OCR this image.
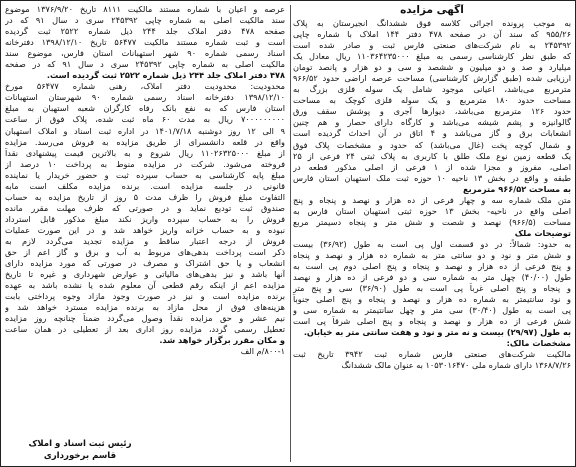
آگهی مزایده
به موجب پرونده اجرائی کلاسه فوق ششدانگ انجیرستان به پلاک
۹۵۵/۲۶ که سند آن در صفحه ۴۷۸ دفتر ۱۴۴ املاک با شماره چاپی
۲۴۵۳۹۲ به نام شرکت‌های صنعتی فارس ثبت و صادر شده است
که طبق نظر کارشناسی رسمی به مبلغ ۱۱۰۳۶۴۲۳۵۰۰۰ ریال معادل یک
میلیارد و صد و دو میلیون و ششصد و سی و دو هزار و پانصد تومان
ارزیابی شده (طبق گزارش کارشناسی) مساحت عرصه اراضی حدود ۹۶۶/۵۲
مترمربع می‌باشد، اعیانی موجود شامل یک سوله فلزی بزرگ به
مساحت حدود ۱۸۰ مترمربع و یک سوله فلزی کوچک به مساحت
حدود ۱۲۶ مترمربع می‌باشد، دیوارها آجری و پوشش سقف ورق
گالوانیزه و پشم شیشه می‌باشد و کارگاه دارای حصار و هم چنین
انشعابات برق و گاز می‌باشد و ۴ اتاق در آن احداث گردیده است
و شمال کوچه پخت (غال می‌باشد) که حدود و مشخصات پلاک فوق
یک قطعه زمین نوع ملک طلق با کاربری به پلاک ثبتی ۲۴ فرعی از ۲۵
اصلی، مفروز و مجزا شده از ۱ فرعی از اصلی مذکور قطعه در
طبقه و واقع در بخش ۱۳ ناحیه ۱۰ حوزه ثبت ملک استهبان استان فارس
به مساحت ۹۶۶/۵۲ مترمربع
متن ملک شماره سه و چهار فرعی از ده هزار و نهصد و پنجاه و پنج
اصلی واقع در ناحیه- بخش ۱۳ حوزه ثبتی استهبان استان فارس به
مساحت (۹۶۶/۵) نهصد و شصت و شش متر و پنجاه دسیمتر مربع
توضیحات ملک
به حدود: شمالاً: در دو قسمت اول پی است به طول (۳۶/۹۲) بیست
و شش متر و نود و دو سانتی متر به شماره ده هزار و نهصد و پنجاه
و پنج فرعی از ده هزار و نهصد و پنجاه و پنج اصلی دوم پی است به
طول (۴۰/۰۰) چهل متر به شماره سی و دو فرعی از ده هزار و نهصد
و پنجاه و پنج اصلی غرباً پی است به طول (۳۶/۹۰) سی و پنج متر
و نود سانتیمتر به شماره ده هزار و نهصد و پنجاه و پنج اصلی جنوباً
پی است به طول (۳۰/۴۰) سی متر و چهل سانتیمتر به شماره سی و
شش فرعی از ده هزار و نهصد و پنجاه و پنج اصلی شرقاً پی است
به طول (۲۹/۹۷) بیست و نه متر و نود و هفت سانتی متر به خیابان.
مشخصات مالک:
مالکیت شرکت‌های صنعتی فارس شماره ثبت ۳۹۴۲ تاریخ ثبت
۱۳۶۸/۷/۲۶ دارای شماره ملی ۱۰۵۳۰۱۶۴۷۰ به عنوان مالک ششدانگ
عرصه و اعیان با شماره مستند مالکیت ۸۱۱۱ تاریخ ۱۳۷۶/۹/۲۰ موضوع
سند مالکیت اصلی به شماره چاپی ۲۴۵۳۹۲ سری د سال ۹۱ که در
صفحه ۴۷۸ دفتر املاک جلد ۲۴۴ ذیل شماره ۲۵۲۲ ثبت گردیده
است و ثبت شماره مستند مالکیت ۵۶۴۷۷ تاریخ ۱۳۹۸/۱۲/۱۰ دفترخانه
اسناد رسمی شماره ۹۰ شهر استهبانات استان فارس، موضوع سند
مالکیت اصلی به شماره چاپی ۲۴۵۳۹۲ سری د سال ۹۱ که در صفحه
۴۷۸ دفتر املاک جلد ۲۴۴ ذیل شماره ۲۵۲۲ ثبت گردیده است.
محدودیت: محدودیت دفتر املاک، رهنی شماره ۵۶۴۷۷ مورخ
۱۳۹۸/۱۲/۱۰ دفترخانه اسناد رسمی شماره ۹۰ شهرستان استهبانات
استان فارس که به نفع بانک رفاه کارگران شعبه استهبان به مبلغ
۷۰۰۰۰۰۰۰۰۰ ریال به مدت ۶۰ ماه ثبت شده، پلاک فوق از ساعت
۹ الی ۱۲ روز دوشنبه ۱۴۰۱/۷/۱۸ در اداره ثبت اسناد و املاک استهبان
واقع در قلعه دانشسرای از طریق مزایده به فروش می‌رسد. مزایده
از مبلغ ۱۱۰۲۶۳۲۵۰۰۰ ریال شروع و به بالاترین قیمت پیشنهادی نقداً
فروخته می‌شود. شرکت در مزایده منوط به پرداخت ۱۰ درصد از
مبلغ پایه کارشناسی به حساب سپرده ثبت و حضور خریدار یا نماینده
قانونی در جلسه مزایده است. برنده مزایده مکلف است مابه
التفاوت مبلغ فروش را ظرف مدت ۵ روز از تاریخ مزایده به حساب
صندوق ثبت تودیع نماید و در صورتی که ظرف مهلت مقرر مانده
فروش را به حساب سپرده واریز نکند مبلغ مذکور قابل استرداد
نبوده و به حساب خزانه واریز خواهد شد و در این صورت عملیات
فروش از درجه اعتبار ساقط و مزایده تجدید می‌گردد لازم به
ذکر است پرداخت بدهی‌های مربوط به آب و برق و گاز اعم از حق
انشعاب و یا حق اشتراک و مصرف در صورتی که مورد مزایده دارای
آنها باشد و نیز بدهی‌های مالیاتی و عوارض شهرداری و غیره تا تاریخ
مزایده اعم از اینکه رقم قطعی آن معلوم شده یا نشده باشد به عهده
برنده مزایده است و نیز در صورت وجود مازاد وجوه پرداختی بابت
هزینه‌های فوق از محل مازاد به برنده مزایده مسترد خواهد شد و
نیم عشر و حق مزایده نقداً وصول می‌گردد ضمناً چنانچه روز مزایده
تعطیل رسمی گردد، مزایده روز اداری بعد از تعطیلی در همان ساعت
و مکان مقرر برگزار خواهد شد.
۸۰۰-۱/م الف
رئیس ثبت اسناد و املاک
قاسم برخورداری
